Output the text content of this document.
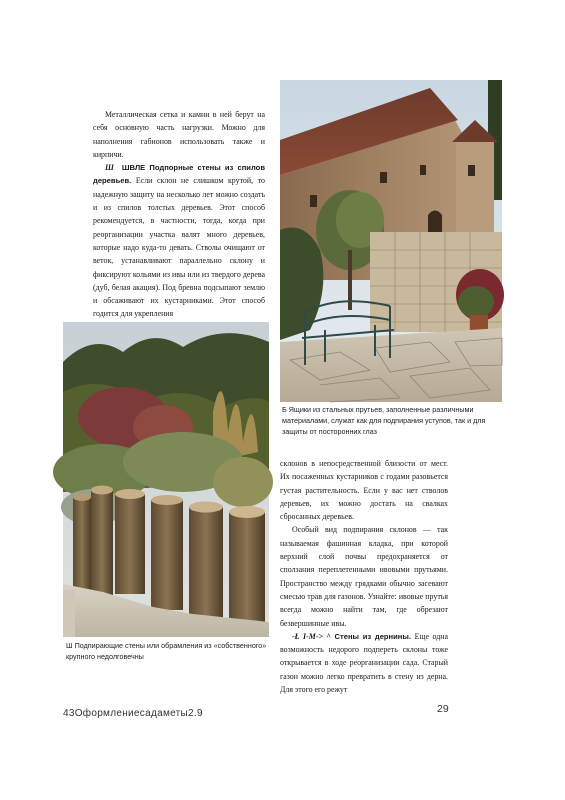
Металлическая сетка и камни в ней берут на себя основную часть нагрузки. Можно для наполнения габионов использовать также и кирпичи.

Ш ШВЛЕ Подпорные стены из спилов деревьев. Если склон не слишком крутой, то надежную защиту на несколько лет можно создать и из спилов толстых деревьев. Этот способ рекомендуется, в частности, тогда, когда при реорганизации участка валят много деревьев, которые надо куда-то девать. Стволы очищают от веток, устанавливают параллельно склону и фиксируют кольями из ивы или из твердого дерева (дуб, белая акация). Под бревна подсыпают землю и обсаживают их кустарниками. Этот способ годится для укрепления

Б Ящики из стальных прутьев, заполненные различными материалами, служат как для подпирания уступов, так и для защиты от посторонних глаз
Ш Подпирающие стены или обрамления из «собственного» крупного недолговечны

склонов в непосредственной близости от мест. Их посаженных кустарников с годами разовьется густая растительность. Если у вас нет стволов деревьев, их можно достать на свалках сбросанных деревьев.

Особый вид подпирания склонов — так называемая фашинная кладка, при которой верхний слой почвы предохраняется от сползания переплетенными ивовыми прутьями. Пространство между грядками обычно засевают смесью трав для газонов. Узнайте: ивовые прутья всегда можно найти там, где обрезают безвершинные ивы.

-Ł I-M-> ^ Стены из дернины. Еще одна возможность недорого подпереть склоны тоже открывается в ходе реорганизации сада. Старый газон можно легко превратить в стену из дерна. Для этого его режут

29
43Оформлениесадаметы2.9
